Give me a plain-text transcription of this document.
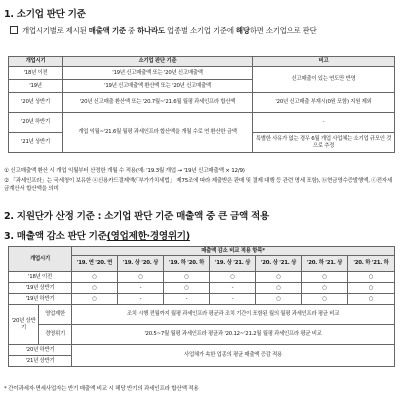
1. 소기업 판단 기준
개업시기별로 제시된 매출액 기준 중 하나라도 업종별 소기업 기준에 해당하면 소기업으로 판단
개업시기	소기업 판단 기준	비고
'18년 이전	'19년 신고매출액 또는 '20년 신고매출액	신고매출이 있는 연도만 반영
'19년	'19년 신고매출액 환산액 또는 '20년 신고매출액	
'20년 상반기	'20년 신고매출 환산액 또는 '20.7월~'21.6월 월평 과세인프라 합산액	'20년 신고매출 부재시(0원 포함) 지원 제외
'20년 하반기	개업 익월~'21.6월 월평 과세인프라 합산액을 개월 수로 연 환산한 금액	-
'21년 상반기		특별한 사유가 없는 경우 6월 개업 사업체는 소기업 규모인 것으로 추정
① 신고매출액 환산 시 개업 익월부터 산정한 개월 수 적용(예: '19.3월 개업 → '19년 신고매출액 × 12/9)
② 「과세인프라」는 국세청이 보유한 ⓐ신용카드결제액(「부가가치세법」 제75조에 따라 제출받은 판매 및 결제 대행 등 관련 명세 포함), ⓑ현금영수증발행액, ⓒ전자세금계산서 합산액을 의미
2. 지원단가 산정 기준 : 소기업 판단 기준 매출액 중 큰 금액 적용
3. 매출액 감소 판단 기준(영업제한·경영위기)
개업시기		매출액 감소 비교 적용 항목*						
		'19. 연 '20. 연	'19. 상 '20. 상	'19. 하 '20. 하	'19. 상 '21. 상	'20. 상 '21. 상	'20. 하 '21. 상	'20. 하 '21. 하
'18년 이전		○	○	○	○	○	○	○
'19년 상반기		○	-	○	-	○	○	○
'19년 하반기		○	-	-	-	○	○	○
'20년 상반기	영업제한	조치 시행 전월까지 월평 과세인프라 평균과 조치 기간이 포함된 월의 월평 과세인프라 평균 비교						
	경영위기	'20.5~7월 월평 과세인프라 평균과 '20.12~'21.2월 월평 과세인프라 평균 비교						
'20년 하반기		사업체가 속한 업종의 평균 매출액 증감 적용						
'21년 상반기								
* 간이과세자·면세사업자는 반기 매출액 비교 시 해당 반기의 과세인프라 합산액 적용
